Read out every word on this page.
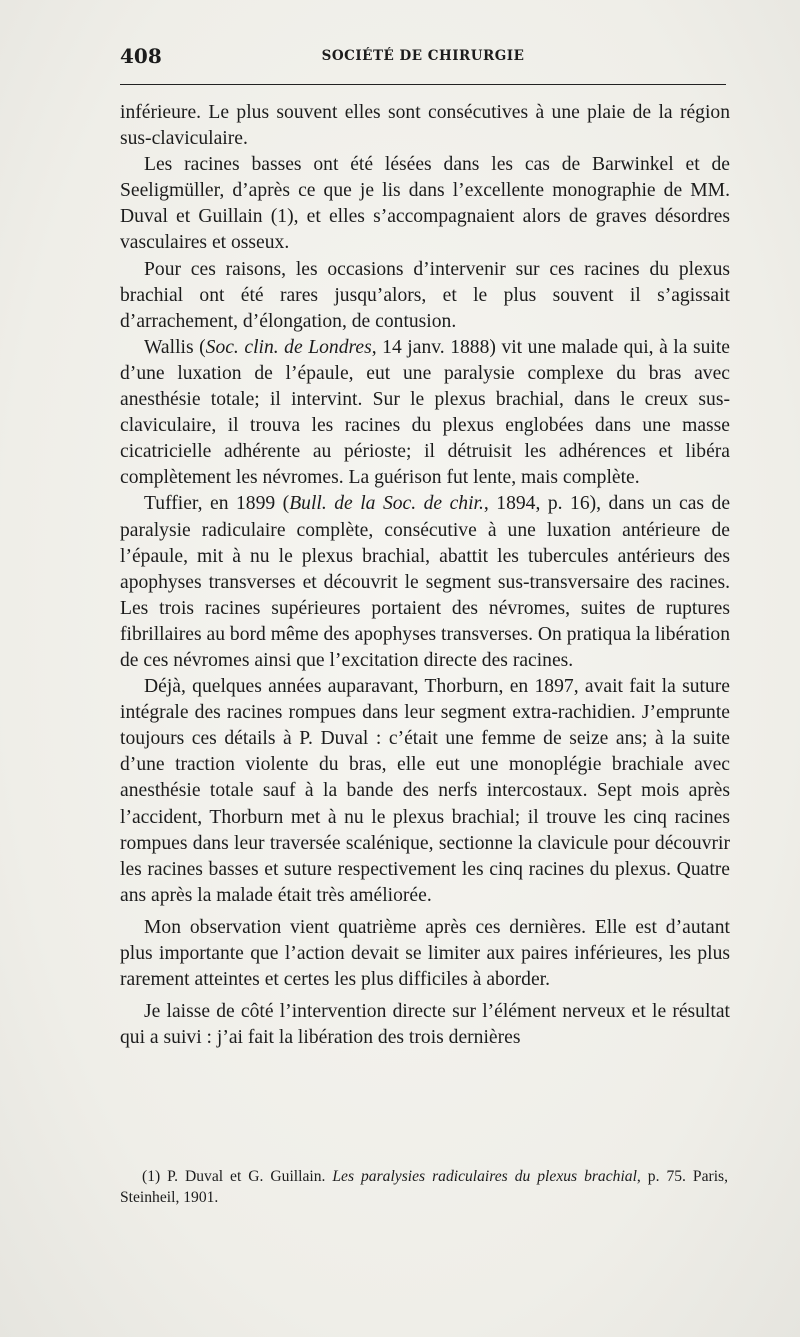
408	SOCIÉTÉ DE CHIRURGIE

inférieure. Le plus souvent elles sont consécutives à une plaie de la région sus-claviculaire.

Les racines basses ont été lésées dans les cas de Barwinkel et de Seeligmüller, d’après ce que je lis dans l’excellente monographie de MM. Duval et Guillain (1), et elles s’accompagnaient alors de graves désordres vasculaires et osseux.

Pour ces raisons, les occasions d’intervenir sur ces racines du plexus brachial ont été rares jusqu’alors, et le plus souvent il s’agissait d’arrachement, d’élongation, de contusion.

Wallis (Soc. clin. de Londres, 14 janv. 1888) vit une malade qui, à la suite d’une luxation de l’épaule, eut une paralysie complexe du bras avec anesthésie totale; il intervint. Sur le plexus brachial, dans le creux sus-claviculaire, il trouva les racines du plexus englobées dans une masse cicatricielle adhérente au périoste; il détruisit les adhérences et libéra complètement les névromes. La guérison fut lente, mais complète.

Tuffier, en 1899 (Bull. de la Soc. de chir., 1894, p. 16), dans un cas de paralysie radiculaire complète, consécutive à une luxation antérieure de l’épaule, mit à nu le plexus brachial, abattit les tubercules antérieurs des apophyses transverses et découvrit le segment sus-transversaire des racines. Les trois racines supérieures portaient des névromes, suites de ruptures fibrillaires au bord même des apophyses transverses. On pratiqua la libération de ces névromes ainsi que l’excitation directe des racines.

Déjà, quelques années auparavant, Thorburn, en 1897, avait fait la suture intégrale des racines rompues dans leur segment extra-rachidien. J’emprunte toujours ces détails à P. Duval : c’était une femme de seize ans; à la suite d’une traction violente du bras, elle eut une monoplégie brachiale avec anesthésie totale sauf à la bande des nerfs intercostaux. Sept mois après l’accident, Thorburn met à nu le plexus brachial; il trouve les cinq racines rompues dans leur traversée scalénique, sectionne la clavicule pour découvrir les racines basses et suture respectivement les cinq racines du plexus. Quatre ans après la malade était très améliorée.

Mon observation vient quatrième après ces dernières. Elle est d’autant plus importante que l’action devait se limiter aux paires inférieures, les plus rarement atteintes et certes les plus difficiles à aborder.

Je laisse de côté l’intervention directe sur l’élément nerveux et le résultat qui a suivi : j’ai fait la libération des trois dernières

(1) P. Duval et G. Guillain. Les paralysies radiculaires du plexus brachial, p. 75. Paris, Steinheil, 1901.
